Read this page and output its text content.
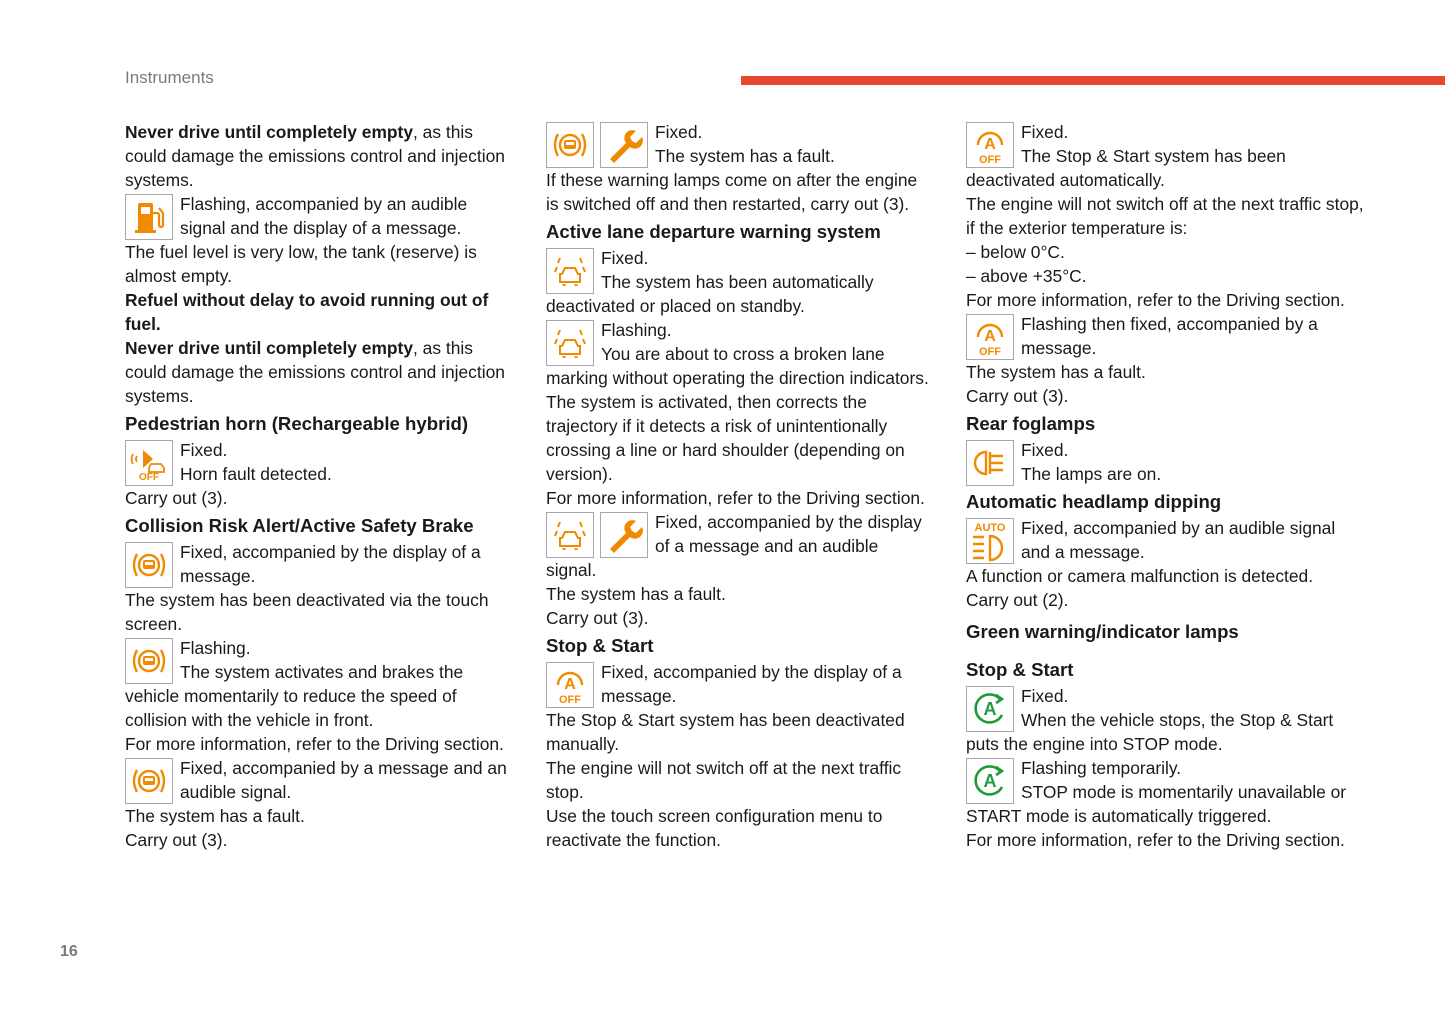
Instruments

Never drive until completely empty, as this could damage the emissions control and injection systems.

Flashing, accompanied by an audible signal and the display of a message.

The fuel level is very low, the tank (reserve) is almost empty.

Refuel without delay to avoid running out of fuel.

Never drive until completely empty, as this could damage the emissions control and injection systems.

Pedestrian horn (Rechargeable hybrid)
OFF

Fixed.

Horn fault detected.

Carry out (3).

Collision Risk Alert/Active Safety Brake

Fixed, accompanied by the display of a message.

The system has been deactivated via the touch screen.

Flashing.

The system activates and brakes the vehicle momentarily to reduce the speed of collision with the vehicle in front.

For more information, refer to the Driving section.

Fixed, accompanied by a message and an audible signal.

The system has a fault.

Carry out (3).

Fixed.

The system has a fault.

If these warning lamps come on after the engine is switched off and then restarted, carry out (3).

Active lane departure warning system

Fixed.

The system has been automatically deactivated or placed on standby.

Flashing.

You are about to cross a broken lane marking without operating the direction indicators.

The system is activated, then corrects the trajectory if it detects a risk of unintentionally crossing a line or hard shoulder (depending on version).

For more information, refer to the Driving section.

Fixed, accompanied by the display of a message and an audible signal.

The system has a fault.

Carry out (3).

Stop & Start
A
OFF

Fixed, accompanied by the display of a message.

The Stop & Start system has been deactivated manually.

The engine will not switch off at the next traffic stop.

Use the touch screen configuration menu to reactivate the function.

A
OFF

Fixed.

The Stop & Start system has been deactivated automatically.

The engine will not switch off at the next traffic stop, if the exterior temperature is:

– below 0°C.

– above +35°C.

For more information, refer to the Driving section.

A
OFF

Flashing then fixed, accompanied by a message.

The system has a fault.

Carry out (3).

Rear foglamps

Fixed.

The lamps are on.

Automatic headlamp dipping
AUTO Fixed, accompanied by an audible signal and a message.

A function or camera malfunction is detected.

Carry out (2).

Green warning/indicator lamps
Stop & Start
A

Fixed.

When the vehicle stops, the Stop & Start puts the engine into STOP mode.

A

Flashing temporarily.

STOP mode is momentarily unavailable or START mode is automatically triggered.

For more information, refer to the Driving section.

16
